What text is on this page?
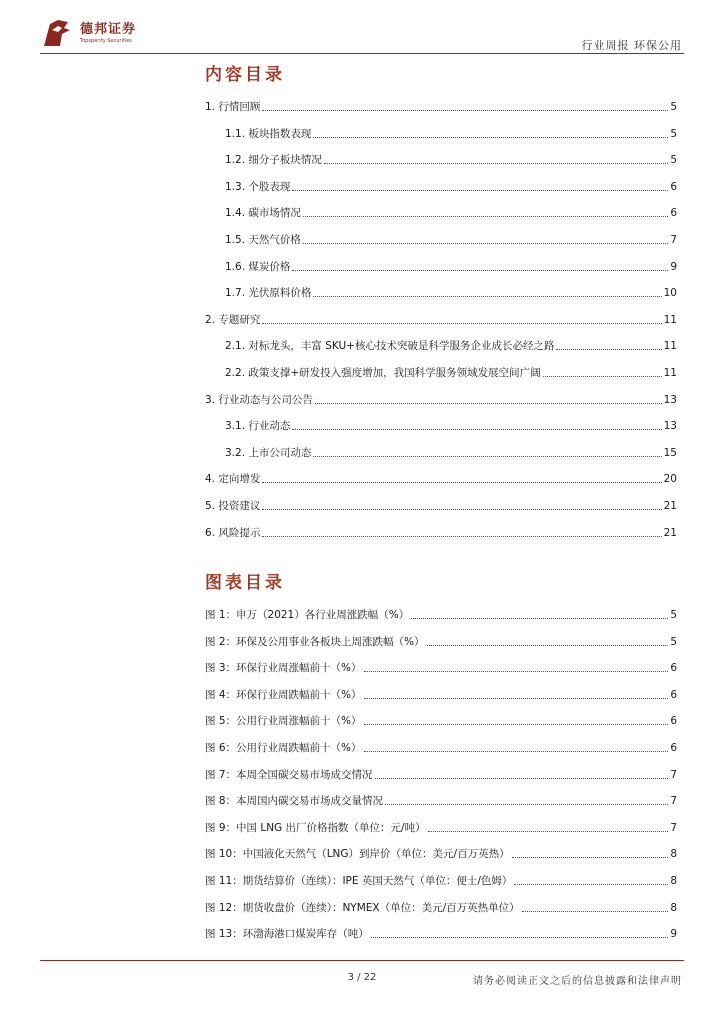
德邦证券
Topsperity Securities	行业周报 环保公用
内容目录
1. 行情回顾	5
1.1. 板块指数表现	5
1.2. 细分子板块情况	5
1.3. 个股表现	6
1.4. 碳市场情况	6
1.5. 天然气价格	7
1.6. 煤炭价格	9
1.7. 光伏原料价格	10
2. 专题研究	11
2.1. 对标龙头，丰富 SKU+核心技术突破是科学服务企业成长必经之路	11
2.2. 政策支撑+研发投入强度增加，我国科学服务领域发展空间广阔	11
3. 行业动态与公司公告	13
3.1. 行业动态	13
3.2. 上市公司动态	15
4. 定向增发	20
5. 投资建议	21
6. 风险提示	21
图表目录
图 1：申万（2021）各行业周涨跌幅（%）	5
图 2：环保及公用事业各板块上周涨跌幅（%）	5
图 3：环保行业周涨幅前十（%）	6
图 4：环保行业周跌幅前十（%）	6
图 5：公用行业周涨幅前十（%）	6
图 6：公用行业周跌幅前十（%）	6
图 7：本周全国碳交易市场成交情况	7
图 8：本周国内碳交易市场成交量情况	7
图 9：中国 LNG 出厂价格指数（单位：元/吨）	7
图 10：中国液化天然气（LNG）到岸价（单位：美元/百万英热）	8
图 11：期货结算价（连续）：IPE 英国天然气（单位：便士/色姆）	8
图 12：期货收盘价（连续）：NYMEX（单位：美元/百万英热单位）	8
图 13：环渤海港口煤炭库存（吨）	9
3 / 22	请务必阅读正文之后的信息披露和法律声明
